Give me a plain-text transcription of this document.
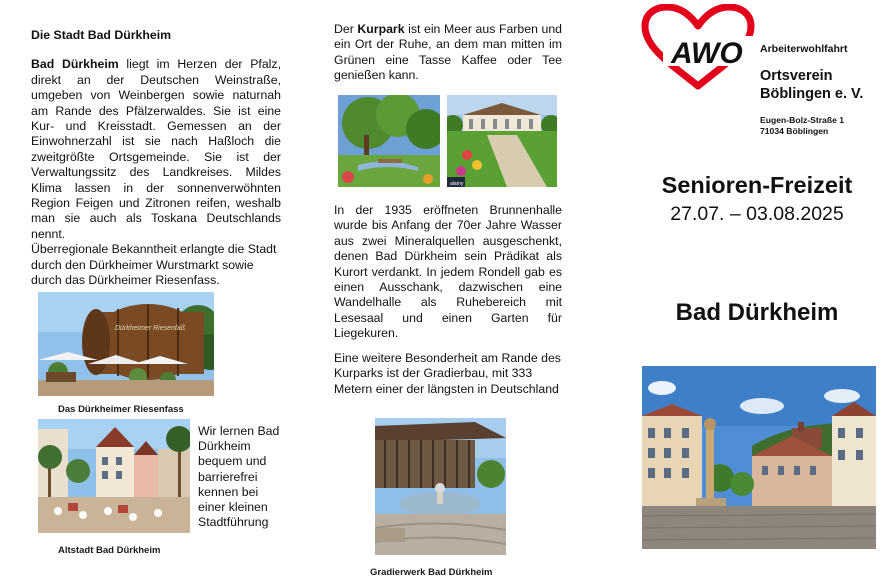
Die Stadt Bad Dürkheim
Bad Dürkheim liegt im Herzen der Pfalz, direkt an der Deutschen Weinstraße, umgeben von Weinbergen sowie naturnah am Rande des Pfälzerwaldes. Sie ist eine Kur- und Kreisstadt. Gemessen an der Einwohnerzahl ist sie nach Haßloch die zweitgrößte Ortsgemeinde. Sie ist der Verwaltungssitz des Landkreises. Mildes Klima lassen in der sonnenverwöhnten Region Feigen und Zitronen reifen, weshalb man sie auch als Toskana Deutschlands nennt.
Überregionale Bekanntheit erlangte die Stadt durch den Dürkheimer Wurstmarkt sowie durch das Dürkheimer Riesenfass.
Dürkheimer Riesenfaß
Das Dürkheimer Riesenfass
Altstadt Bad Dürkheim
Wir lernen Bad Dürkheim bequem und barrierefrei kennen bei einer kleinen Stadtführung
Der Kurpark ist ein Meer aus Farben und ein Ort der Ruhe, an dem man mitten im Grünen eine Tasse Kaffee oder Tee genießen kann.
alamy
In der 1935 eröffneten Brunnenhalle wurde bis Anfang der 70er Jahre Wasser aus zwei Mineralquellen ausgeschenkt, denen Bad Dürkheim sein Prädikat als Kurort verdankt. In jedem Rondell gab es einen Ausschank, dazwischen eine Wandelhalle als Ruhebereich mit Lesesaal und einen Garten für Liegekuren.
Eine weitere Besonderheit am Rande des Kurparks ist der Gradierbau, mit 333 Metern einer der längsten in Deutschland
Gradierwerk Bad Dürkheim
AWO Arbeiterwohlfahrt
Ortsverein
Böblingen e. V.
Eugen-Bolz-Straße 1
71034 Böblingen
Senioren-Freizeit
27.07. – 03.08.2025
Bad Dürkheim
